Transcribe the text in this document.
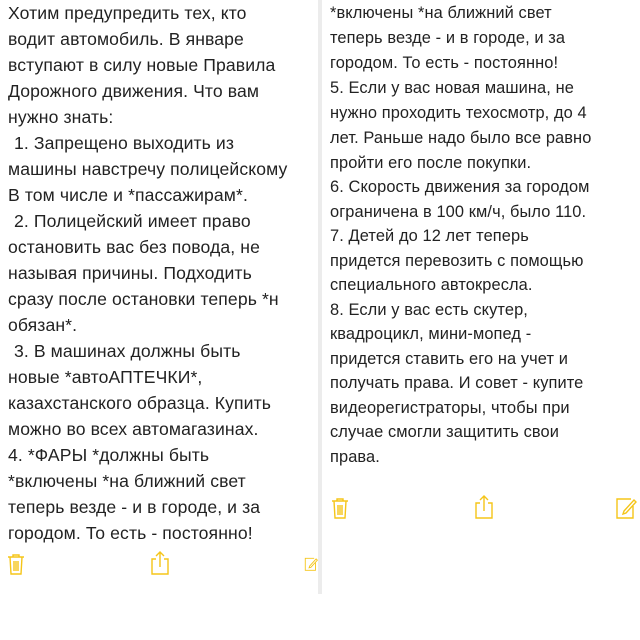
Хотим предупредить тех, кто
водит автомобиль. В январе
вступают в силу новые Правила
Дорожного движения. Что вам
нужно знать:
1. Запрещено выходить из
машины навстречу полицейскому
В том числе и *пассажирам*.
2. Полицейский имеет право
остановить вас без повода, не
называя причины. Подходить
сразу после остановки теперь *н
обязан*.
3. В машинах должны быть
новые *автоАПТЕЧКИ*,
казахстанского образца. Купить
можно во всех автомагазинах.
4. *ФАРЫ *должны быть
*включены *на ближний свет
теперь везде - и в городе, и за
городом. То есть - постоянно!
*включены *на ближний свет
теперь везде - и в городе, и за
городом. То есть - постоянно!
5. Если у вас новая машина, не
нужно проходить техосмотр, до 4
лет. Раньше надо было все равно
пройти его после покупки.
6. Скорость движения за городом
ограничена в 100 км/ч, было 110.
7. Детей до 12 лет теперь
придется перевозить с помощью
специального автокресла.
8. Если у вас есть скутер,
квадроцикл, мини-мопед -
придется ставить его на учет и
получать права. И совет - купите
видеорегистраторы, чтобы при
случае смогли защитить свои
права.
